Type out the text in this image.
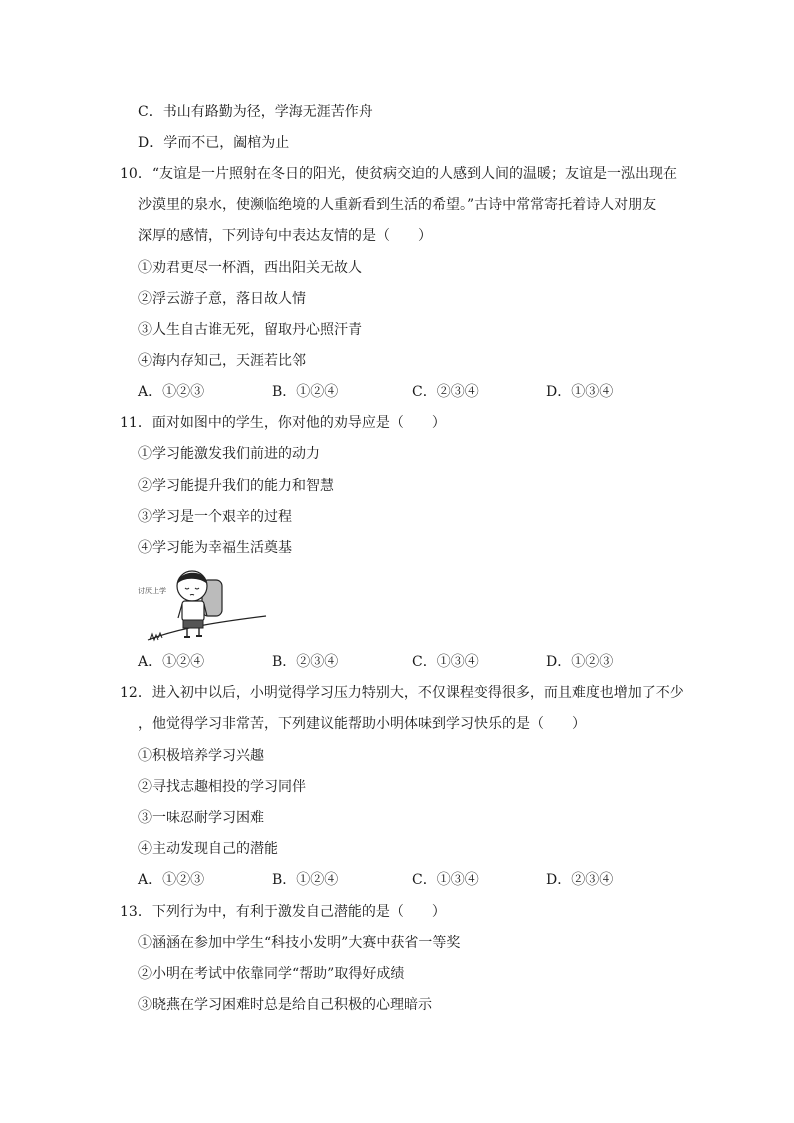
C．书山有路勤为径，学海无涯苦作舟
D．学而不已，阖棺为止
10．“友谊是一片照射在冬日的阳光，使贫病交迫的人感到人间的温暖；友谊是一泓出现在
沙漠里的泉水，使濒临绝境的人重新看到生活的希望。”古诗中常常寄托着诗人对朋友
深厚的感情，下列诗句中表达友情的是（　　）
①劝君更尽一杯酒，西出阳关无故人
②浮云游子意，落日故人情
③人生自古谁无死，留取丹心照汗青
④海内存知己，天涯若比邻
A．①②③	B．①②④	C．②③④	D．①③④
11．面对如图中的学生，你对他的劝导应是（　　）
①学习能激发我们前进的动力
②学习能提升我们的能力和智慧
③学习是一个艰辛的过程
④学习能为幸福生活奠基
讨厌上学
A．①②④	B．②③④	C．①③④	D．①②③
12．进入初中以后，小明觉得学习压力特别大，不仅课程变得很多，而且难度也增加了不少
，他觉得学习非常苦，下列建议能帮助小明体味到学习快乐的是（　　）
①积极培养学习兴趣
②寻找志趣相投的学习同伴
③一味忍耐学习困难
④主动发现自己的潜能
A．①②③	B．①②④	C．①③④	D．②③④
13．下列行为中，有利于激发自己潜能的是（　　）
①涵涵在参加中学生“科技小发明”大赛中获省一等奖
②小明在考试中依靠同学“帮助”取得好成绩
③晓燕在学习困难时总是给自己积极的心理暗示
